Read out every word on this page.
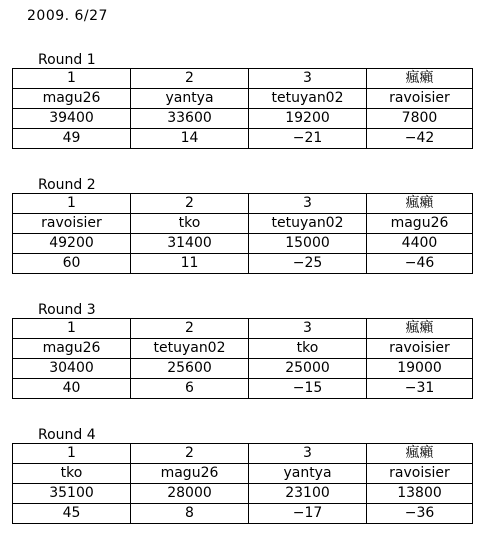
2009. 6/27
Round 1
1	2	3	瘋癩
magu26	yantya	tetuyan02	ravoisier
39400	33600	19200	7800
49	14	−21	−42
Round 2
1	2	3	瘋癩
ravoisier	tko	tetuyan02	magu26
49200	31400	15000	4400
60	11	−25	−46
Round 3
1	2	3	瘋癩
magu26	tetuyan02	tko	ravoisier
30400	25600	25000	19000
40	6	−15	−31
Round 4
1	2	3	瘋癩
tko	magu26	yantya	ravoisier
35100	28000	23100	13800
45	8	−17	−36
